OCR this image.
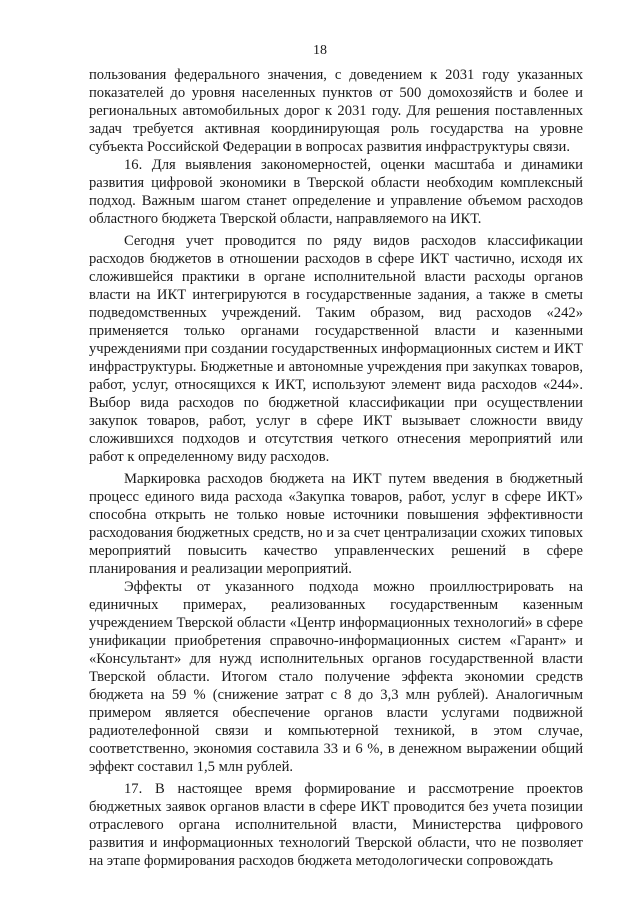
18

пользования федерального значения, с доведением к 2031 году указанных показателей до уровня населенных пунктов от 500 домохозяйств и более и региональных автомобильных дорог к 2031 году. Для решения поставленных задач требуется активная координирующая роль государства на уровне субъекта Российской Федерации в вопросах развития инфраструктуры связи.

16. Для выявления закономерностей, оценки масштаба и динамики развития цифровой экономики в Тверской области необходим комплексный подход. Важным шагом станет определение и управление объемом расходов областного бюджета Тверской области, направляемого на ИКТ.

Сегодня учет проводится по ряду видов расходов классификации расходов бюджетов в отношении расходов в сфере ИКТ частично, исходя их сложившейся практики в органе исполнительной власти расходы органов власти на ИКТ интегрируются в государственные задания, а также в сметы подведомственных учреждений. Таким образом, вид расходов «242» применяется только органами государственной власти и казенными учреждениями при создании государственных информационных систем и ИКТ инфраструктуры. Бюджетные и автономные учреждения при закупках товаров, работ, услуг, относящихся к ИКТ, используют элемент вида расходов «244». Выбор вида расходов по бюджетной классификации при осуществлении закупок товаров, работ, услуг в сфере ИКТ вызывает сложности ввиду сложившихся подходов и отсутствия четкого отнесения мероприятий или работ к определенному виду расходов.

Маркировка расходов бюджета на ИКТ путем введения в бюджетный процесс единого вида расхода «Закупка товаров, работ, услуг в сфере ИКТ» способна открыть не только новые источники повышения эффективности расходования бюджетных средств, но и за счет централизации схожих типовых мероприятий повысить качество управленческих решений в сфере планирования и реализации мероприятий.

Эффекты от указанного подхода можно проиллюстрировать на единичных примерах, реализованных государственным казенным учреждением Тверской области «Центр информационных технологий» в сфере унификации приобретения справочно-информационных систем «Гарант» и «Консультант» для нужд исполнительных органов государственной власти Тверской области. Итогом стало получение эффекта экономии средств бюджета на 59 % (снижение затрат с 8 до 3,3 млн рублей). Аналогичным примером является обеспечение органов власти услугами подвижной радиотелефонной связи и компьютерной техникой, в этом случае, соответственно, экономия составила 33 и 6 %, в денежном выражении общий эффект составил 1,5 млн рублей.

17. В настоящее время формирование и рассмотрение проектов бюджетных заявок органов власти в сфере ИКТ проводится без учета позиции отраслевого органа исполнительной власти, Министерства цифрового развития и информационных технологий Тверской области, что не позволяет на этапе формирования расходов бюджета методологически сопровождать
